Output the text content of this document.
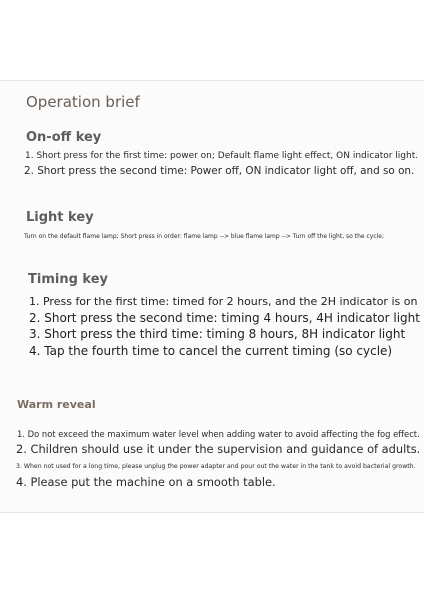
Operation brief
On-off key

1. Short press for the first time: power on; Default flame light effect, ON indicator light.

2. Short press the second time: Power off, ON indicator light off, and so on.

Light key

Turn on the default flame lamp; Short press in order: flame lamp --> blue flame lamp --> Turn off the light, so the cycle;

Timing key

1. Press for the first time: timed for 2 hours, and the 2H indicator is on

2. Short press the second time: timing 4 hours, 4H indicator light

3. Short press the third time: timing 8 hours, 8H indicator light

4. Tap the fourth time to cancel the current timing (so cycle)

Warm reveal

1. Do not exceed the maximum water level when adding water to avoid affecting the fog effect.

2. Children should use it under the supervision and guidance of adults.

3. When not used for a long time, please unplug the power adapter and pour out the water in the tank to avoid bacterial growth.

4. Please put the machine on a smooth table.
